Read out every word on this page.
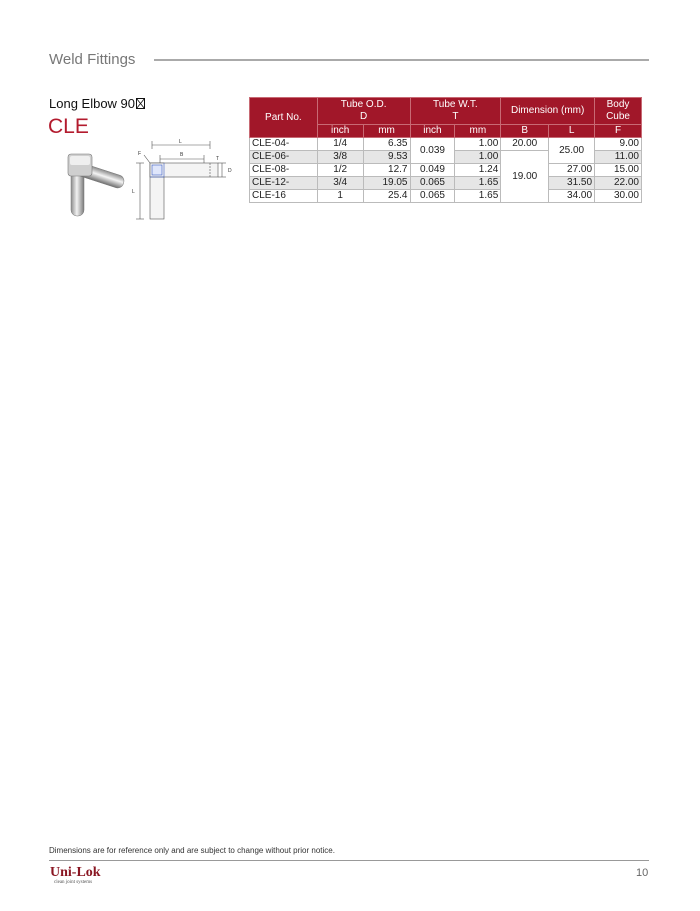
Weld Fittings
Long Elbow 90
CLE
L
B
F
T
D
L
Part No.	Tube O.D.
D		Tube W.T.
T		Dimension (mm)		Body
Cube
	inch	mm	inch	mm	B	L	F
CLE-04-	1/4	6.35	0.039	1.00	20.00	25.00	9.00
CLE-06-	3/8	9.53		1.00	19.00		11.00
CLE-08-	1/2	12.7	0.049	1.24		27.00	15.00
CLE-12-	3/4	19.05	0.065	1.65		31.50	22.00
CLE-16	1	25.4	0.065	1.65		34.00	30.00
Dimensions are for reference only and are subject to change without prior notice.
Uni-Lok
clean joint systems
10
